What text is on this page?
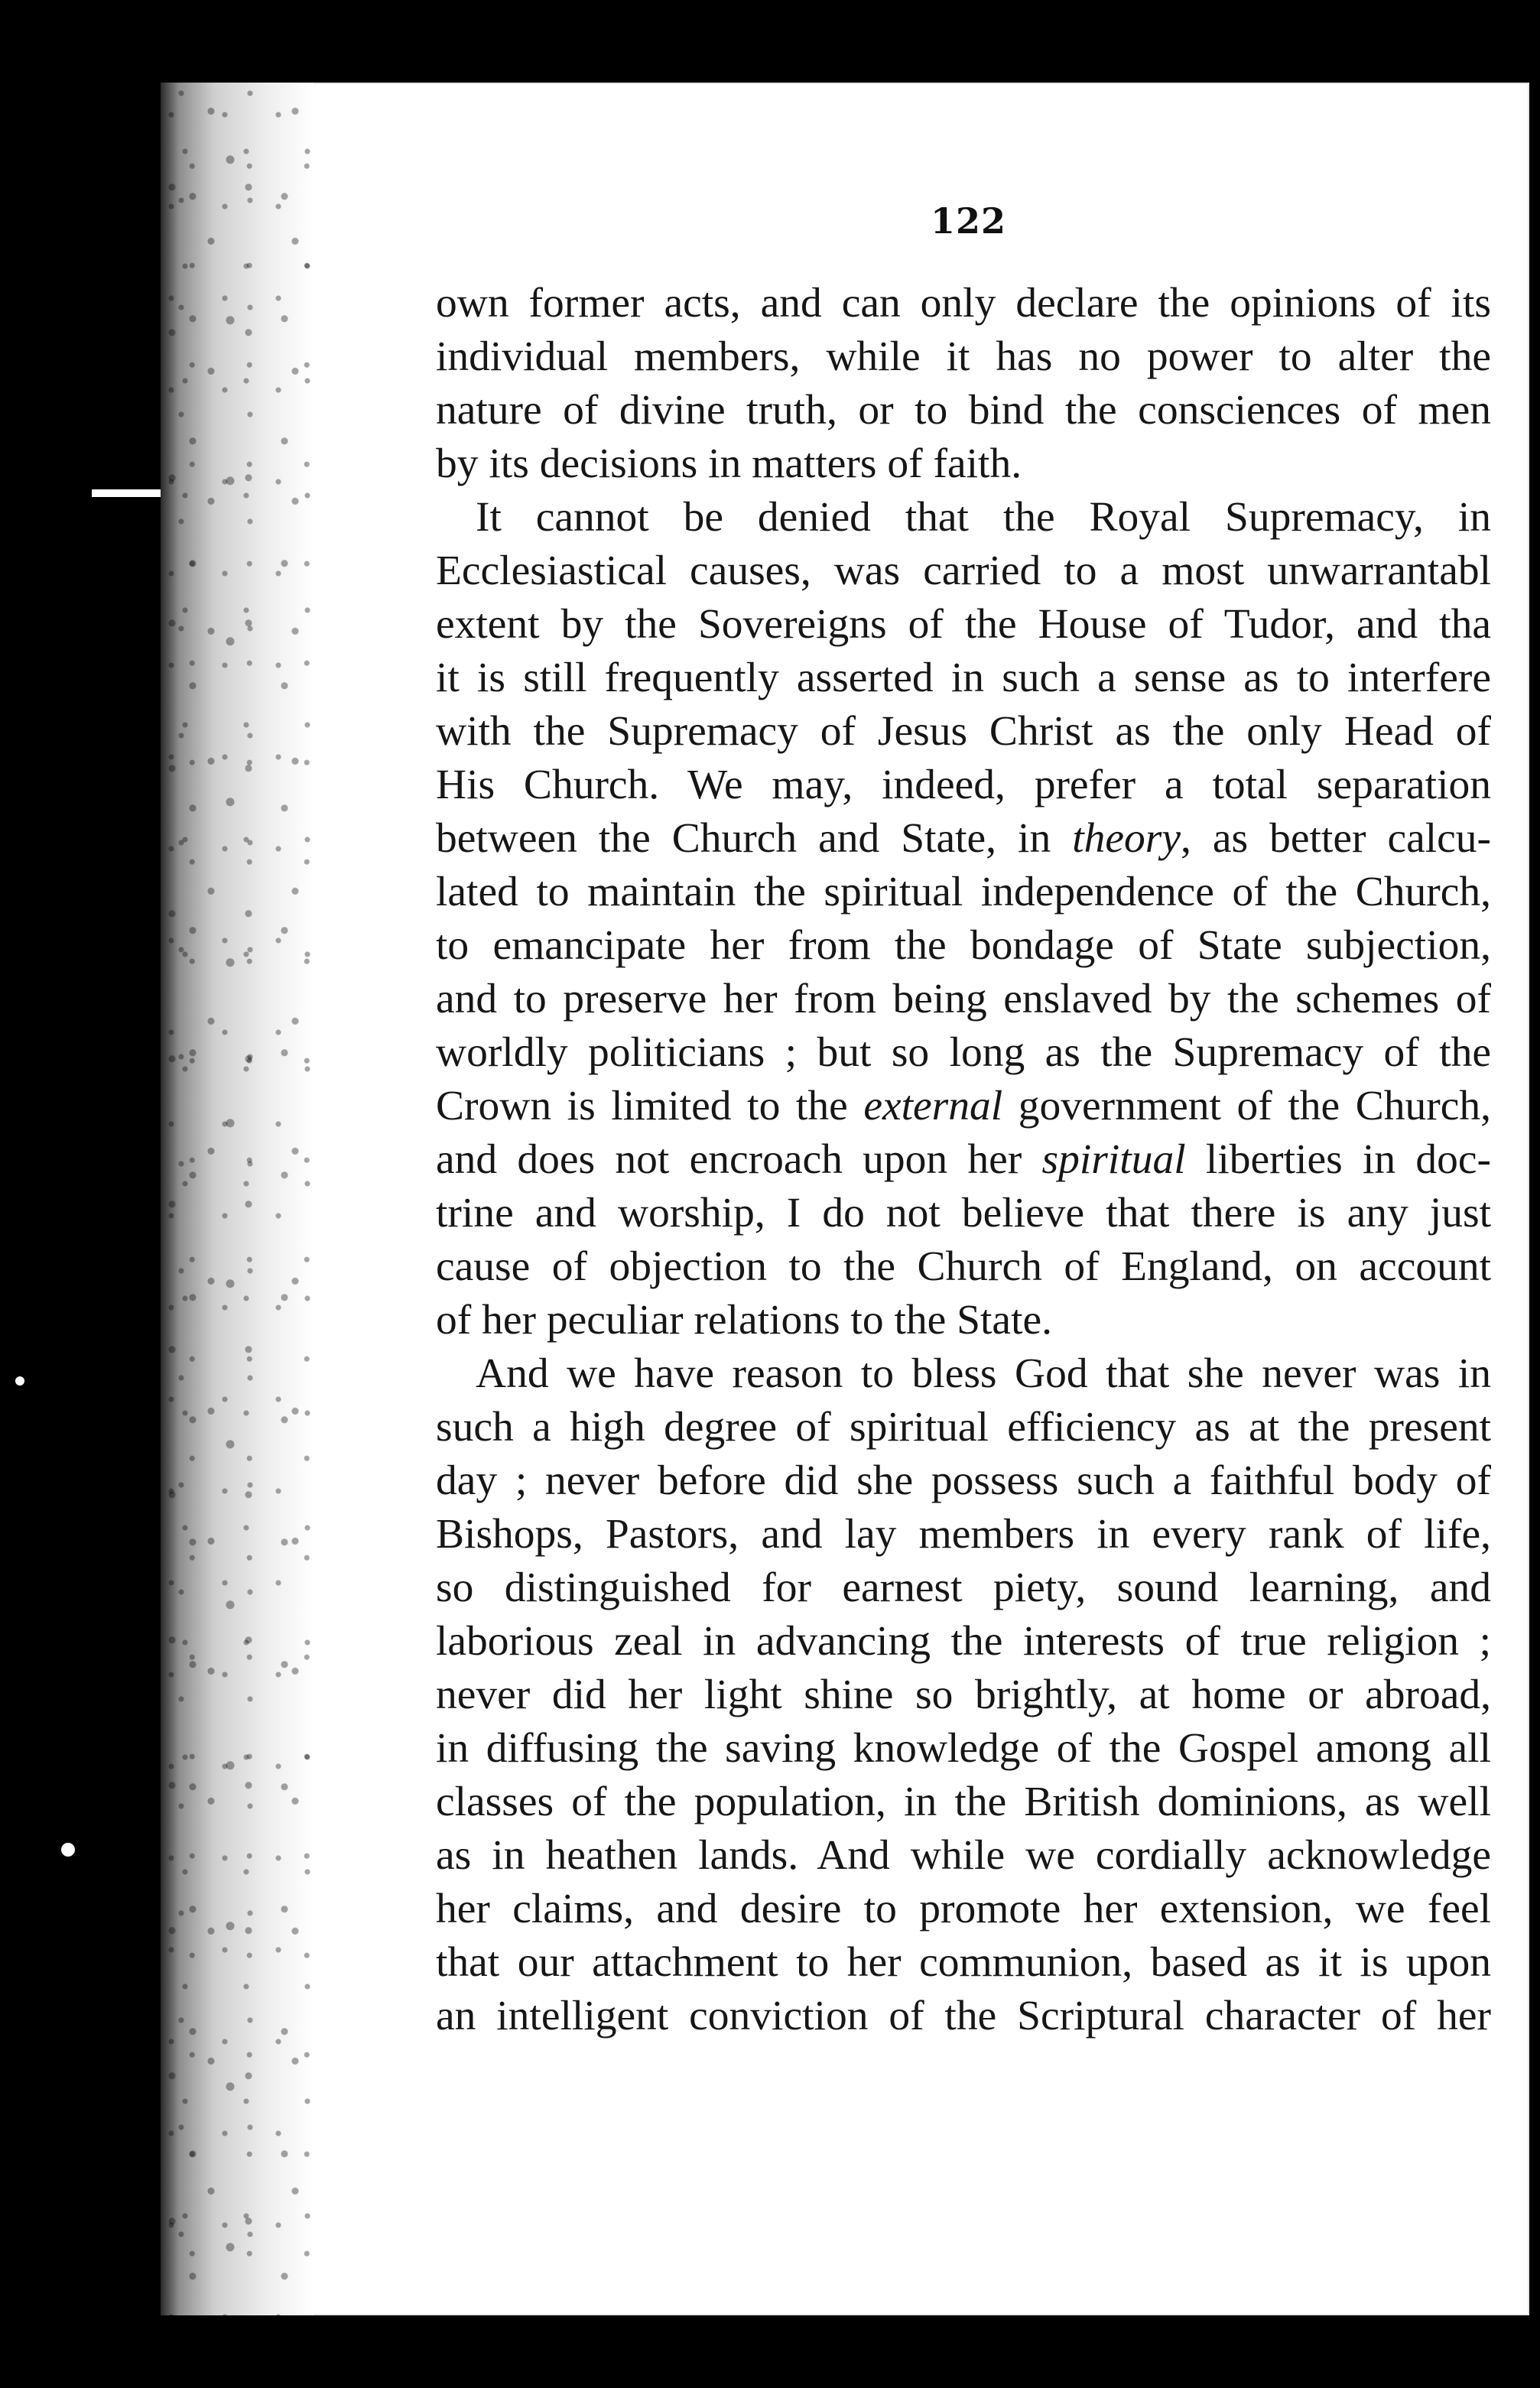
122
own former acts, and can only declare the opinions of its
individual members, while it has no power to alter the
nature of divine truth, or to bind the consciences of men
by its decisions in matters of faith.
It cannot be denied that the Royal Supremacy, in
Ecclesiastical causes, was carried to a most unwarrantabl
extent by the Sovereigns of the House of Tudor, and tha
it is still frequently asserted in such a sense as to interfere
with the Supremacy of Jesus Christ as the only Head of
His Church. We may, indeed, prefer a total separation
between the Church and State, in theory, as better calcu-
lated to maintain the spiritual independence of the Church,
to emancipate her from the bondage of State subjection,
and to preserve her from being enslaved by the schemes of
worldly politicians ; but so long as the Supremacy of the
Crown is limited to the external government of the Church,
and does not encroach upon her spiritual liberties in doc-
trine and worship, I do not believe that there is any just
cause of objection to the Church of England, on account
of her peculiar relations to the State.
And we have reason to bless God that she never was in
such a high degree of spiritual efficiency as at the present
day ; never before did she possess such a faithful body of
Bishops, Pastors, and lay members in every rank of life,
so distinguished for earnest piety, sound learning, and
laborious zeal in advancing the interests of true religion ;
never did her light shine so brightly, at home or abroad,
in diffusing the saving knowledge of the Gospel among all
classes of the population, in the British dominions, as well
as in heathen lands. And while we cordially acknowledge
her claims, and desire to promote her extension, we feel
that our attachment to her communion, based as it is upon
an intelligent conviction of the Scriptural character of her
